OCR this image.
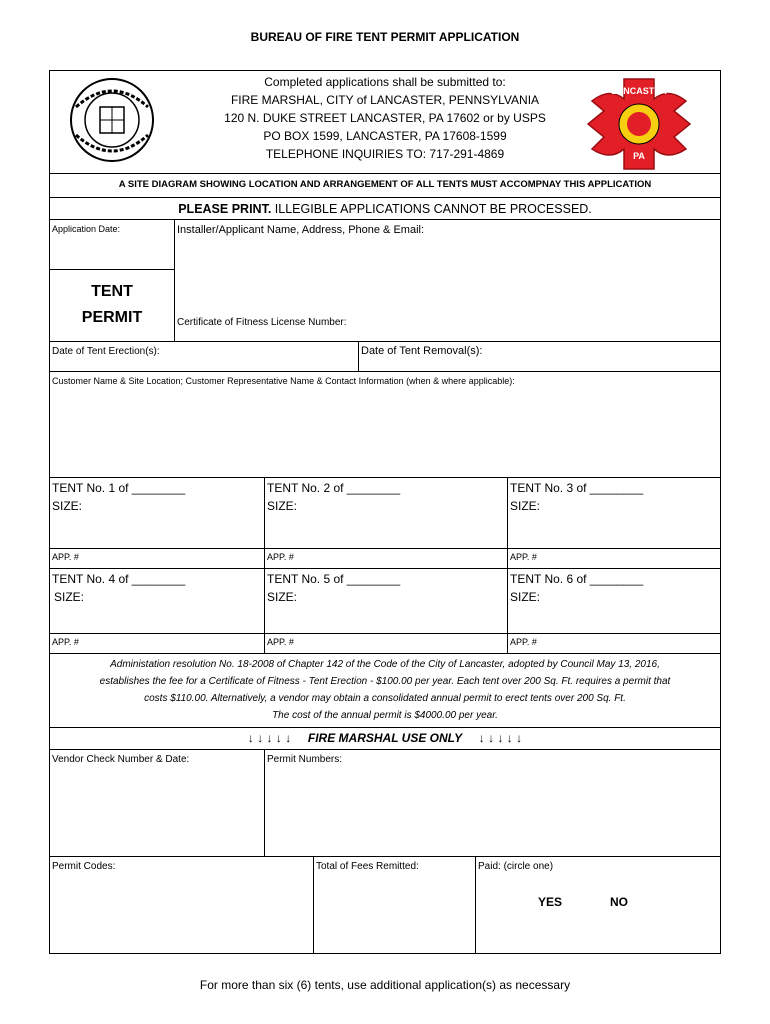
BUREAU OF FIRE TENT PERMIT APPLICATION
Completed applications shall be submitted to:
FIRE MARSHAL, CITY of LANCASTER, PENNSYLVANIA
120 N. DUKE STREET LANCASTER, PA 17602 or by USPS
PO BOX 1599, LANCASTER, PA 17608-1599
TELEPHONE INQUIRIES TO: 717-291-4869
LANCASTER
PA
A SITE DIAGRAM SHOWING LOCATION AND ARRANGEMENT OF ALL TENTS MUST ACCOMPNAY THIS APPLICATION
PLEASE PRINT. ILLEGIBLE APPLICATIONS CANNOT BE PROCESSED.
Application Date:	Installer/Applicant Name, Address, Phone & Email:
TENT
PERMIT	Certificate of Fitness License Number:
Date of Tent Erection(s):	Date of Tent Removal(s):
Customer Name & Site Location; Customer Representative Name & Contact Information (when & where applicable):
TENT No. 1 of ________
SIZE:
TENT No. 2 of ________
SIZE:
TENT No. 3 of ________
SIZE:
APP. #	APP. #	APP. #
TENT No. 4 of ________
SIZE:
TENT No. 5 of ________
SIZE:
TENT No. 6 of ________
SIZE:
APP. #	APP. #	APP. #
Administation resolution No. 18-2008 of Chapter 142 of the Code of the City of Lancaster, adopted by Council May 13, 2016,
establishes the fee for a Certificate of Fitness - Tent Erection - $100.00 per year. Each tent over 200 Sq. Ft. requires a permit that
costs $110.00. Alternatively, a vendor may obtain a consolidated annual permit to erect tents over 200 Sq. Ft.
The cost of the annual permit is $4000.00 per year.
↓ ↓ ↓ ↓ ↓ FIRE MARSHAL USE ONLY ↓ ↓ ↓ ↓ ↓
Vendor Check Number & Date:	Permit Numbers:
Permit Codes:	Total of Fees Remitted:	Paid: (circle one)
YES	NO
For more than six (6) tents, use additional application(s) as necessary
